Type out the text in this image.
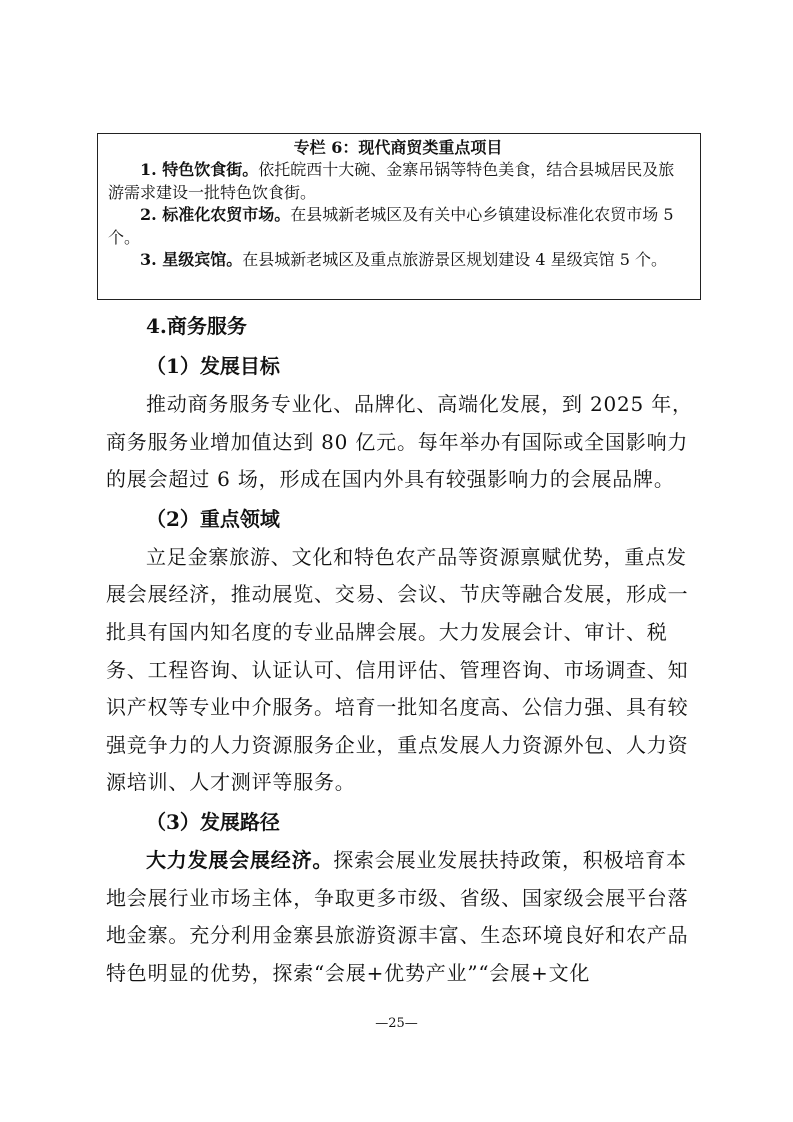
专栏 6：现代商贸类重点项目

1. 特色饮食街。依托皖西十大碗、金寨吊锅等特色美食，结合县城居民及旅游需求建设一批特色饮食街。

2. 标准化农贸市场。在县城新老城区及有关中心乡镇建设标准化农贸市场 5 个。

3. 星级宾馆。在县城新老城区及重点旅游景区规划建设 4 星级宾馆 5 个。

4.商务服务
（1）发展目标

推动商务服务专业化、品牌化、高端化发展，到 2025 年，商务服务业增加值达到 80 亿元。每年举办有国际或全国影响力的展会超过 6 场，形成在国内外具有较强影响力的会展品牌。

（2）重点领域

立足金寨旅游、文化和特色农产品等资源禀赋优势，重点发展会展经济，推动展览、交易、会议、节庆等融合发展，形成一批具有国内知名度的专业品牌会展。大力发展会计、审计、税务、工程咨询、认证认可、信用评估、管理咨询、市场调查、知识产权等专业中介服务。培育一批知名度高、公信力强、具有较强竞争力的人力资源服务企业，重点发展人力资源外包、人力资源培训、人才测评等服务。

（3）发展路径

大力发展会展经济。探索会展业发展扶持政策，积极培育本地会展行业市场主体，争取更多市级、省级、国家级会展平台落地金寨。充分利用金寨县旅游资源丰富、生态环境良好和农产品特色明显的优势，探索“会展+优势产业”“会展+文化

—25—
